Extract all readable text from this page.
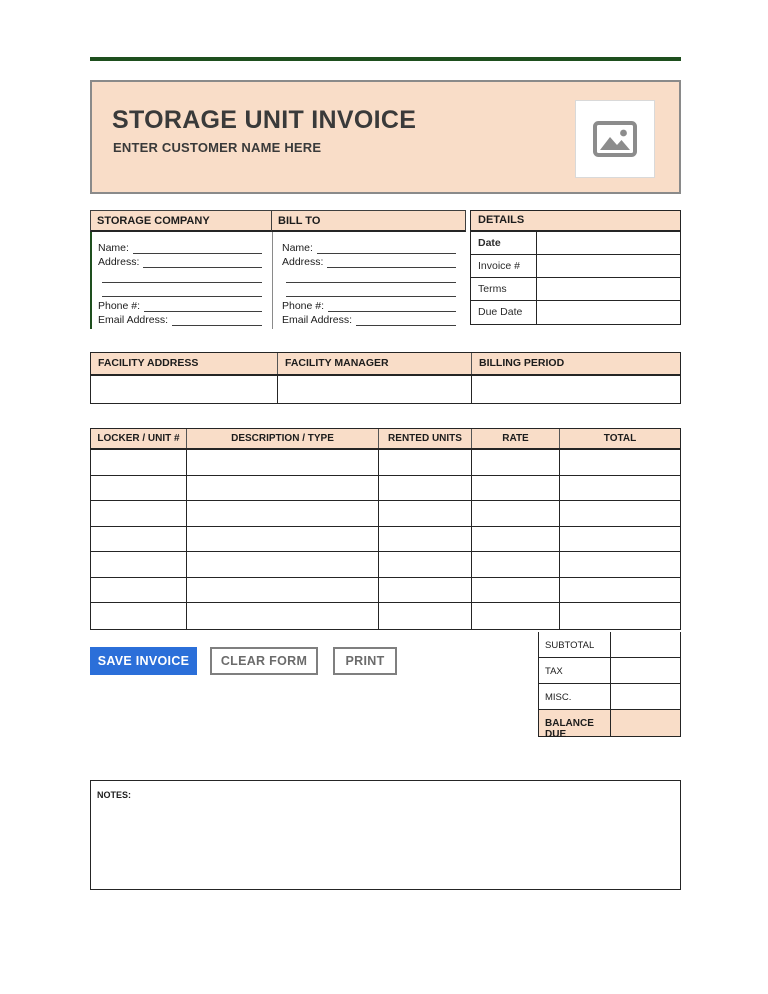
STORAGE UNIT INVOICE
ENTER CUSTOMER NAME HERE
STORAGE COMPANY	BILL TO
Name:
Address:
Phone #:
Email Address:
Name:
Address:
Phone #:
Email Address:
DETAILS
Date
Invoice #
Terms
Due Date
FACILITY ADDRESS	FACILITY MANAGER	BILLING PERIOD
LOCKER / UNIT #	DESCRIPTION / TYPE	RENTED UNITS	RATE	TOTAL
SAVE INVOICE	CLEAR FORM	PRINT
SUBTOTAL
TAX
MISC.
BALANCE DUE
NOTES:
